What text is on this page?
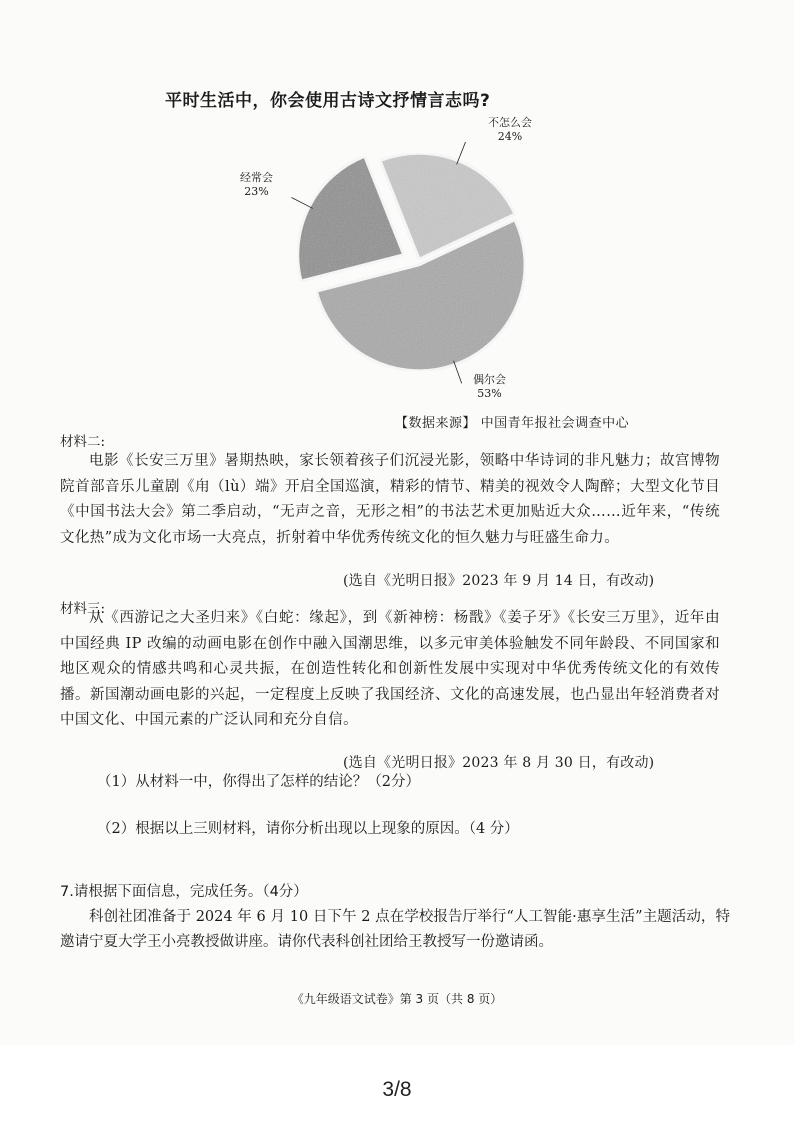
平时生活中，你会使用古诗文抒情言志吗?
不怎么会
24%
经常会
23%
偶尔会
53%
【数据来源】 中国青年报社会调查中心
材料二:
电影《长安三万里》暑期热映，家长领着孩子们沉浸光影，领略中华诗词的非凡魅力；故宫博物院首部音乐儿童剧《甪（lù）端》开启全国巡演，精彩的情节、精美的视效令人陶醉；大型文化节目《中国书法大会》第二季启动，“无声之音，无形之相”的书法艺术更加贴近大众……近年来，“传统文化热”成为文化市场一大亮点，折射着中华优秀传统文化的恒久魅力与旺盛生命力。
(选自《光明日报》2023 年 9 月 14 日，有改动)
材料三:
从《西游记之大圣归来》《白蛇：缘起》，到《新神榜：杨戬》《姜子牙》《长安三万里》，近年由中国经典 IP 改编的动画电影在创作中融入国潮思维，以多元审美体验触发不同年龄段、不同国家和地区观众的情感共鸣和心灵共振，在创造性转化和创新性发展中实现对中华优秀传统文化的有效传播。新国潮动画电影的兴起，一定程度上反映了我国经济、文化的高速发展，也凸显出年轻消费者对中国文化、中国元素的广泛认同和充分自信。
(选自《光明日报》2023 年 8 月 30 日，有改动)
（1）从材料一中，你得出了怎样的结论？（2分）
（2）根据以上三则材料，请你分析出现以上现象的原因。（4 分）
7.请根据下面信息，完成任务。（4分）
科创社团准备于 2024 年 6 月 10 日下午 2 点在学校报告厅举行“人工智能·惠享生活”主题活动，特邀请宁夏大学王小亮教授做讲座。请你代表科创社团给王教授写一份邀请函。
《九年级语文试卷》第 3 页（共 8 页）
3/8
